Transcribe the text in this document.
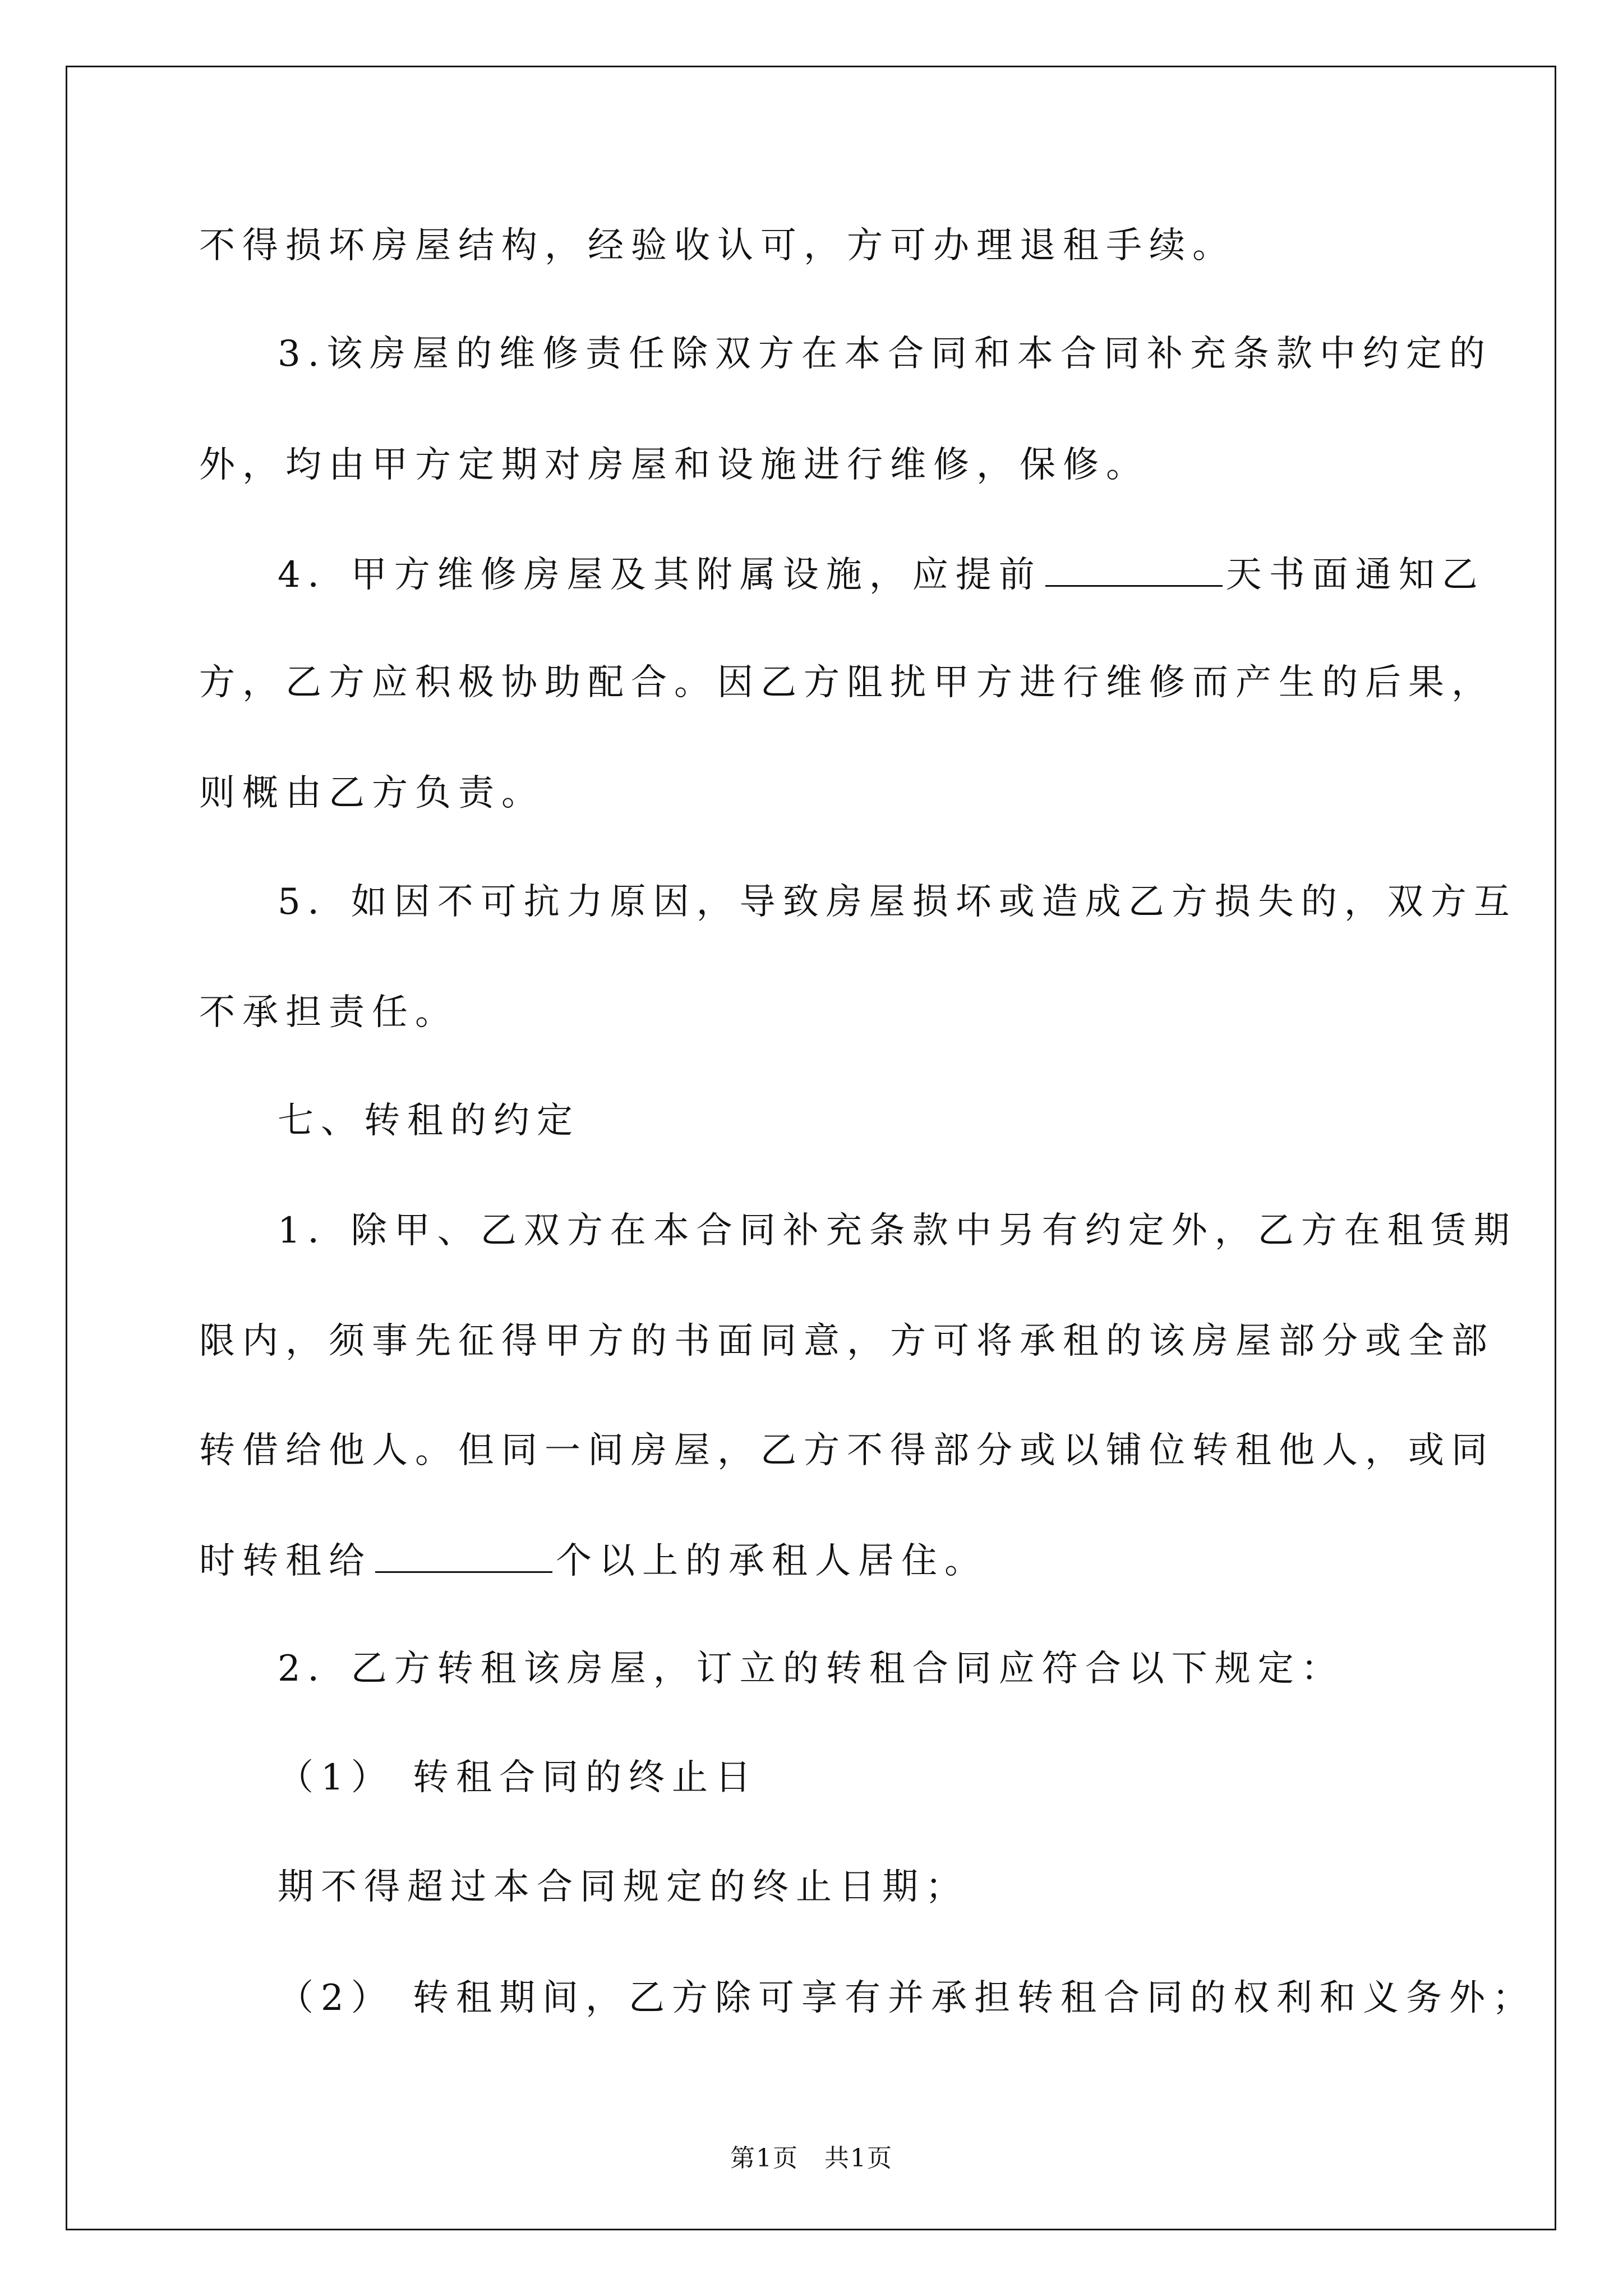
不得损坏房屋结构，经验收认可，方可办理退租手续。
3.该房屋的维修责任除双方在本合同和本合同补充条款中约定的
外，均由甲方定期对房屋和设施进行维修，保修。
4．甲方维修房屋及其附属设施，应提前	天书面通知乙
方，乙方应积极协助配合。因乙方阻扰甲方进行维修而产生的后果，
则概由乙方负责。
5．如因不可抗力原因，导致房屋损坏或造成乙方损失的，双方互
不承担责任。
七、转租的约定
1．除甲、乙双方在本合同补充条款中另有约定外，乙方在租赁期
限内，须事先征得甲方的书面同意，方可将承租的该房屋部分或全部
转借给他人。但同一间房屋，乙方不得部分或以铺位转租他人，或同
时转租给	个以上的承租人居住。
2．乙方转租该房屋，订立的转租合同应符合以下规定：
（1） 转租合同的终止日
期不得超过本合同规定的终止日期；
（2） 转租期间，乙方除可享有并承担转租合同的权利和义务外；
第1页　共1页
